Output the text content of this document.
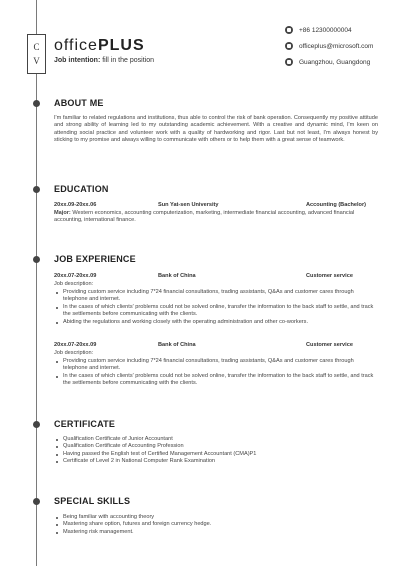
C
V
officePLUS
Job intention: fill in the position
+86 12300000004
officeplus@microsoft.com
Guangzhou, Guangdong
ABOUT ME
I'm familiar to related regulations and institutions, thus able to control the risk of bank operation. Consequently my positive attitude and strong ability of learning led to my outstanding academic achievement. With a creative and dynamic mind, I'm keen on attending social practice and volunteer work with a quality of hardworking and rigor. Last but not least, I'm always honest by sticking to my promise and always willing to communicate with others or to help them with a great sense of teamwork.
EDUCATION
20xx.09-20xx.06	Sun Yat-sen University	Accounting (Bachelor)
Major: Western economics, accounting computerization, marketing, intermediate financial accounting, advanced financial accounting, international finance.
JOB EXPERIENCE
20xx.07-20xx.09	Bank of China	Customer service
Job description:
Providing custom service including 7*24 financial consultations, trading assistants, Q&As and customer cares through telephone and internet.
In the cases of which clients' problems could not be solved online, transfer the information to the back staff to settle, and track the settlements before communicating with the clients.
Abiding the regulations and working closely with the operating administration and other co-workers.
20xx.07-20xx.09	Bank of China	Customer service
Job description:
Providing custom service including 7*24 financial consultations, trading assistants, Q&As and customer cares through telephone and internet.
In the cases of which clients' problems could not be solved online, transfer the information to the back staff to settle, and track the settlements before communicating with the clients.
CERTIFICATE
Qualification Certificate of Junior Accountant
Qualification Certificate of Accounting Profession
Having passed the English test of Certified Management Accountant (CMA)P1
Certificate of Level 2 in National Computer Rank Examination
SPECIAL SKILLS
Being familiar with accounting theory
Mastering share option, futures and foreign currency hedge.
Mastering risk management.
